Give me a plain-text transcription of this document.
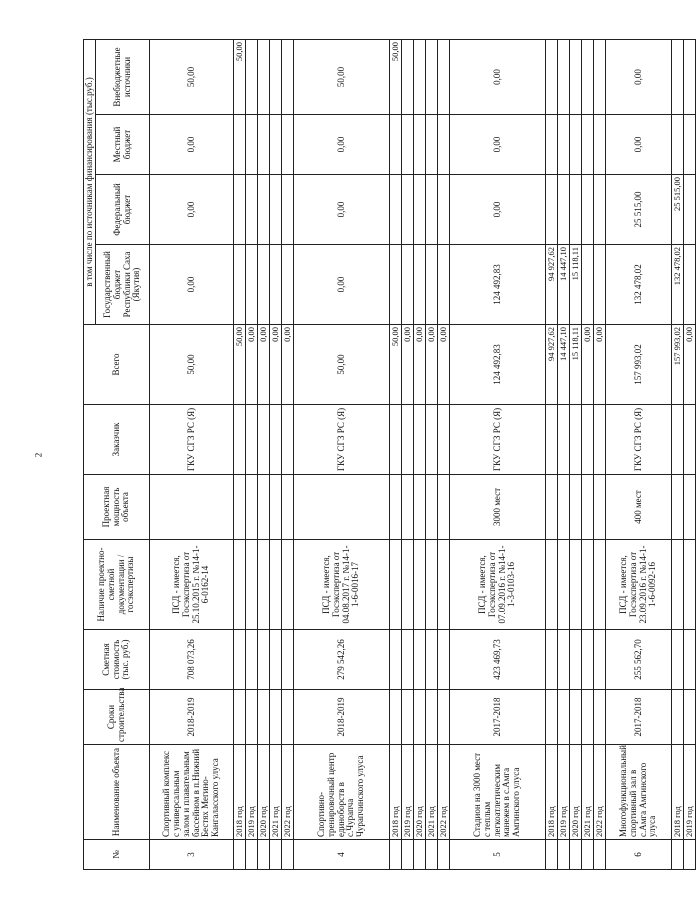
2
№	Наименование объекта	Сроки строительства	Сметная стоимость (тыс. руб.)	Наличие проектно-сметной документации /госэкспертизы	Проектная мощность объекта	Заказчик	Всего	в том числе по источникам финансирования (тыс.руб.)			
								Государственный бюджет Республики Саха (Якутия)	Федеральный бюджет	Местный бюджет	Внебюджетные источники
3	Спортивный комплекс с универсальным залом и плавательным бассейном в п.Нижний Бестях Мегино-Кангаласского улуса	2018-2019	708 073,26	ПСД - имеется, Госэкспертиза от 25.10.2015 г. №14-1-6-0162-14		ГКУ СГЗ РС (Я)	50,00	0,00	0,00	0,00	50,00
	2018 год						50,00				50,00
	2019 год						0,00				
	2020 год						0,00				
	2021 год						0,00				
	2022 год						0,00				
4	Спортивно-тренировочный центр единоборств в с.Чурапча Чурапчинского улуса	2018-2019	279 542,26	ПСД - имеется, Госэкспертиза от 04.08.2017 г. №14-1-1-6-0016-17		ГКУ СГЗ РС (Я)	50,00	0,00	0,00	0,00	50,00
	2018 год						50,00				50,00
	2019 год						0,00				
	2020 год						0,00				
	2021 год						0,00				
	2022 год						0,00				
5	Стадион на 3000 мест с теплым легкоатлетическим манежем в с.Амга Амгинского улуса	2017-2018	423 469,73	ПСД - имеется, Госэкспертиза от 07.09.2016 г. №14-1-1-3-0103-16	3000 мест	ГКУ СГЗ РС (Я)	124 492,83	124 492,83	0,00	0,00	0,00
	2018 год						94 927,62	94 927,62			
	2019 год						14 447,10	14 447,10			
	2020 год						15 118,11	15 118,11			
	2021 год						0,00				
	2022 год						0,00				
6	Многофункциональный спортивный зал в с.Амга Амгинского улуса	2017-2018	255 562,70	ПСД - имеется, Госэкспертиза от 23.09.2016 г. №14-1-1-6-0092-16	400 мест	ГКУ СГЗ РС (Я)	157 993,02	132 478,02	25 515,00	0,00	0,00
	2018 год						157 993,02	132 478,02	25 515,00		
	2019 год						0,00				
